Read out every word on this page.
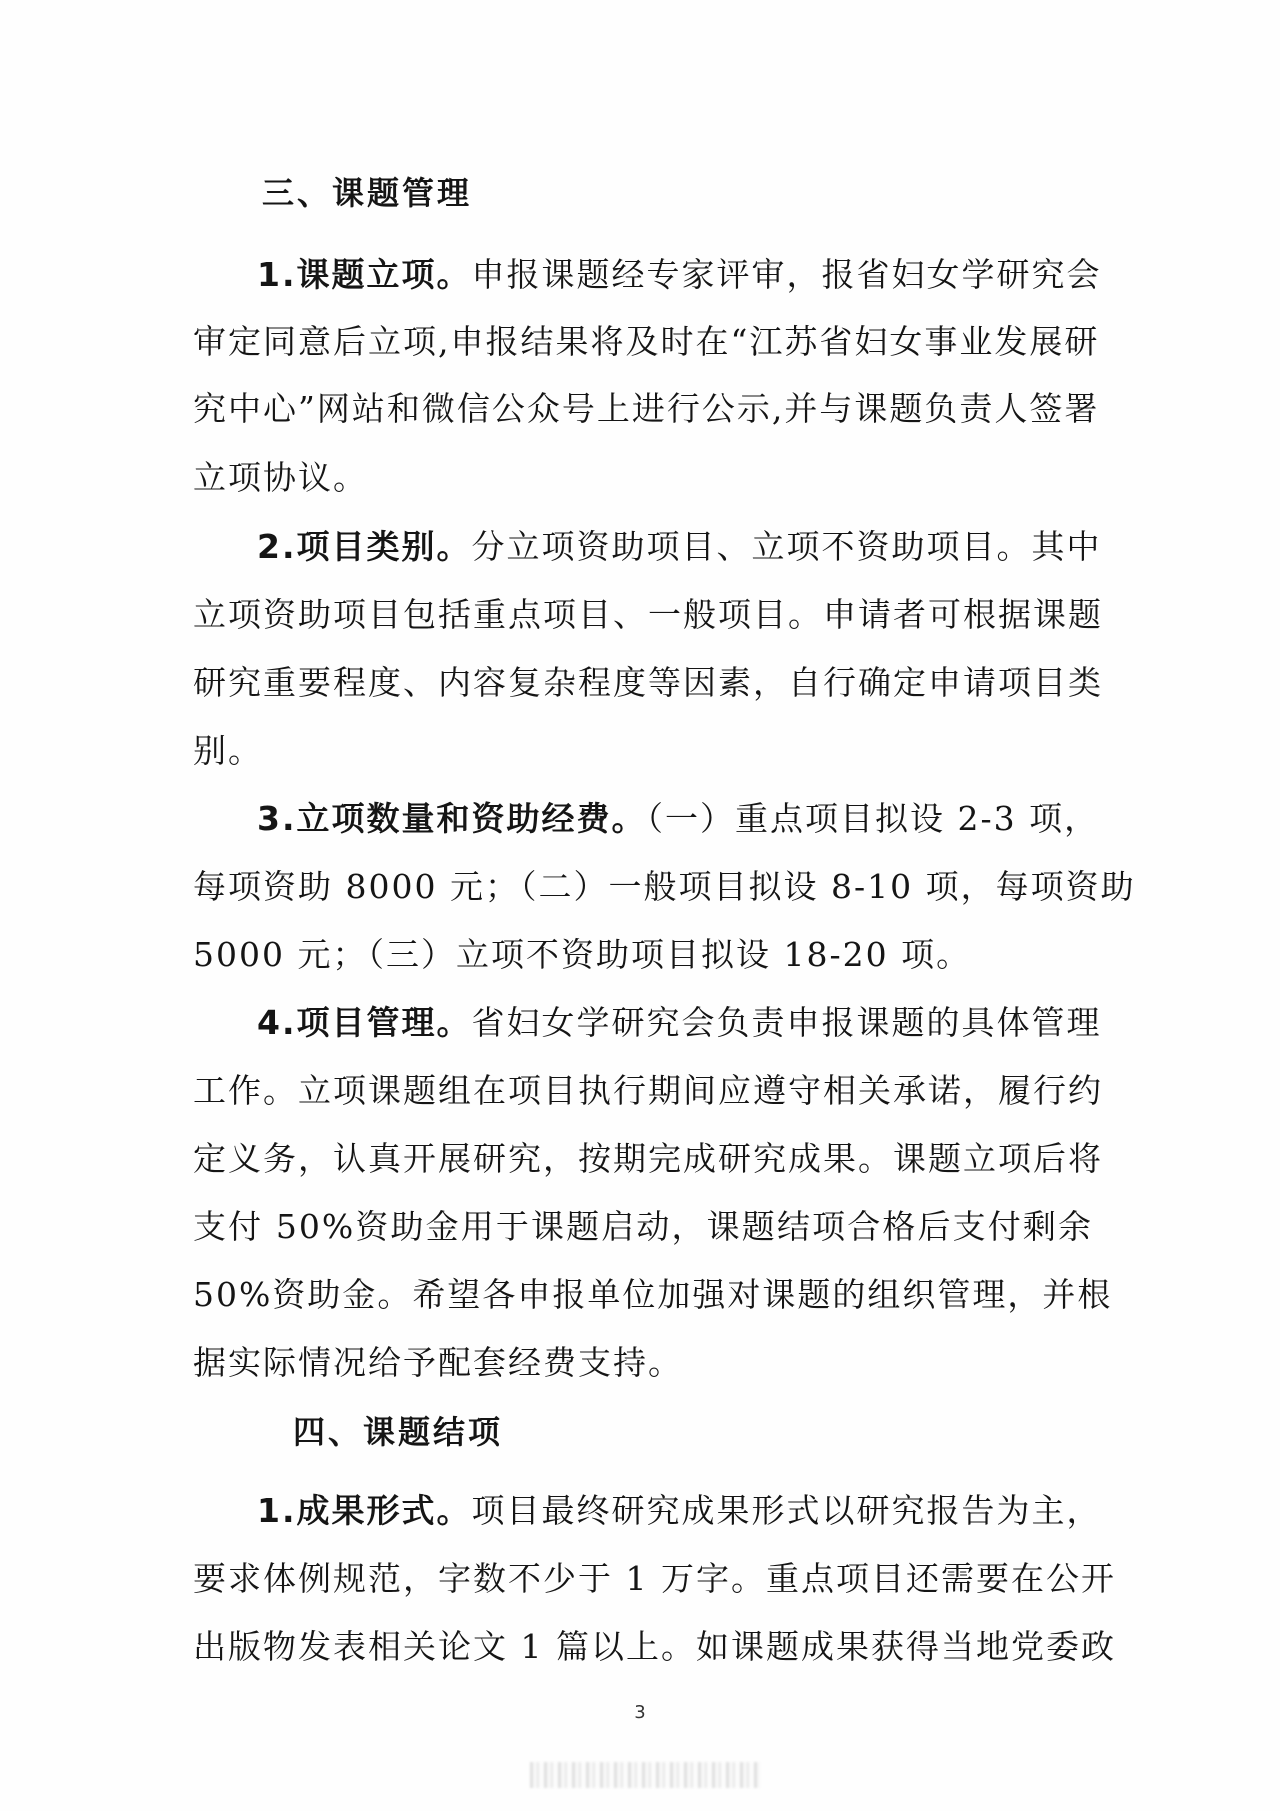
三、课题管理
1.课题立项。申报课题经专家评审，报省妇女学研究会
审定同意后立项,申报结果将及时在“江苏省妇女事业发展研
究中心”网站和微信公众号上进行公示,并与课题负责人签署
立项协议。
2.项目类别。分立项资助项目、立项不资助项目。其中
立项资助项目包括重点项目、一般项目。申请者可根据课题
研究重要程度、内容复杂程度等因素，自行确定申请项目类
别。
3.立项数量和资助经费。（一）重点项目拟设 2-3 项，
每项资助 8000 元；（二）一般项目拟设 8-10 项，每项资助
5000 元；（三）立项不资助项目拟设 18-20 项。
4.项目管理。省妇女学研究会负责申报课题的具体管理
工作。立项课题组在项目执行期间应遵守相关承诺，履行约
定义务，认真开展研究，按期完成研究成果。课题立项后将
支付 50%资助金用于课题启动，课题结项合格后支付剩余
50%资助金。希望各申报单位加强对课题的组织管理，并根
据实际情况给予配套经费支持。
四、课题结项
1.成果形式。项目最终研究成果形式以研究报告为主，
要求体例规范，字数不少于 1 万字。重点项目还需要在公开
出版物发表相关论文 1 篇以上。如课题成果获得当地党委政
3
